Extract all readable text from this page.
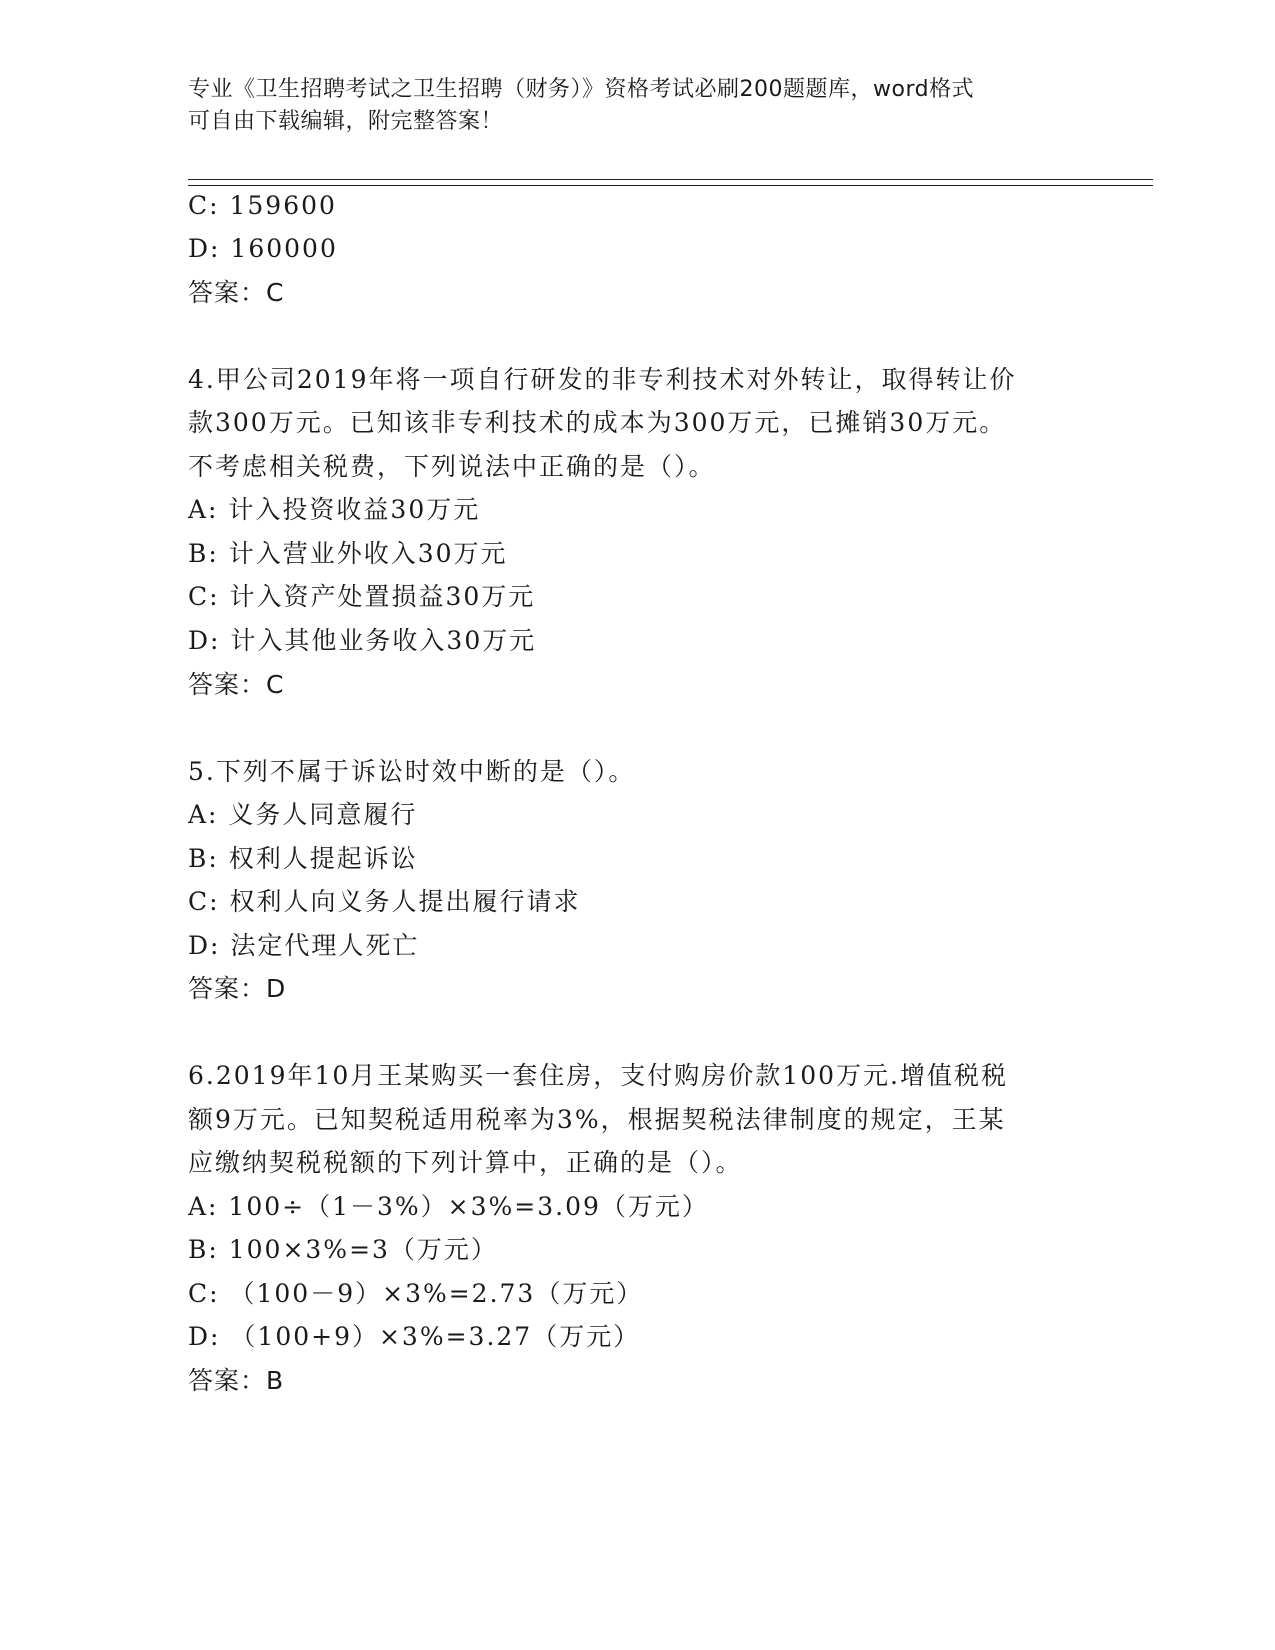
专业《卫生招聘考试之卫生招聘（财务）》资格考试必刷200题题库，word格式
可自由下载编辑，附完整答案！
C: 159600
D: 160000
答案：C
4.甲公司2019年将一项自行研发的非专利技术对外转让，取得转让价
款300万元。已知该非专利技术的成本为300万元，已摊销30万元。
不考虑相关税费，下列说法中正确的是（）。
A: 计入投资收益30万元
B: 计入营业外收入30万元
C: 计入资产处置损益30万元
D: 计入其他业务收入30万元
答案：C
5.下列不属于诉讼时效中断的是（）。
A: 义务人同意履行
B: 权利人提起诉讼
C: 权利人向义务人提出履行请求
D: 法定代理人死亡
答案：D
6.2019年10月王某购买一套住房，支付购房价款100万元.增值税税
额9万元。已知契税适用税率为3%，根据契税法律制度的规定，王某
应缴纳契税税额的下列计算中，正确的是（）。
A: 100÷（1－3%）×3%=3.09（万元）
B: 100×3%=3（万元）
C: （100－9）×3%=2.73（万元）
D: （100+9）×3%=3.27（万元）
答案：B
